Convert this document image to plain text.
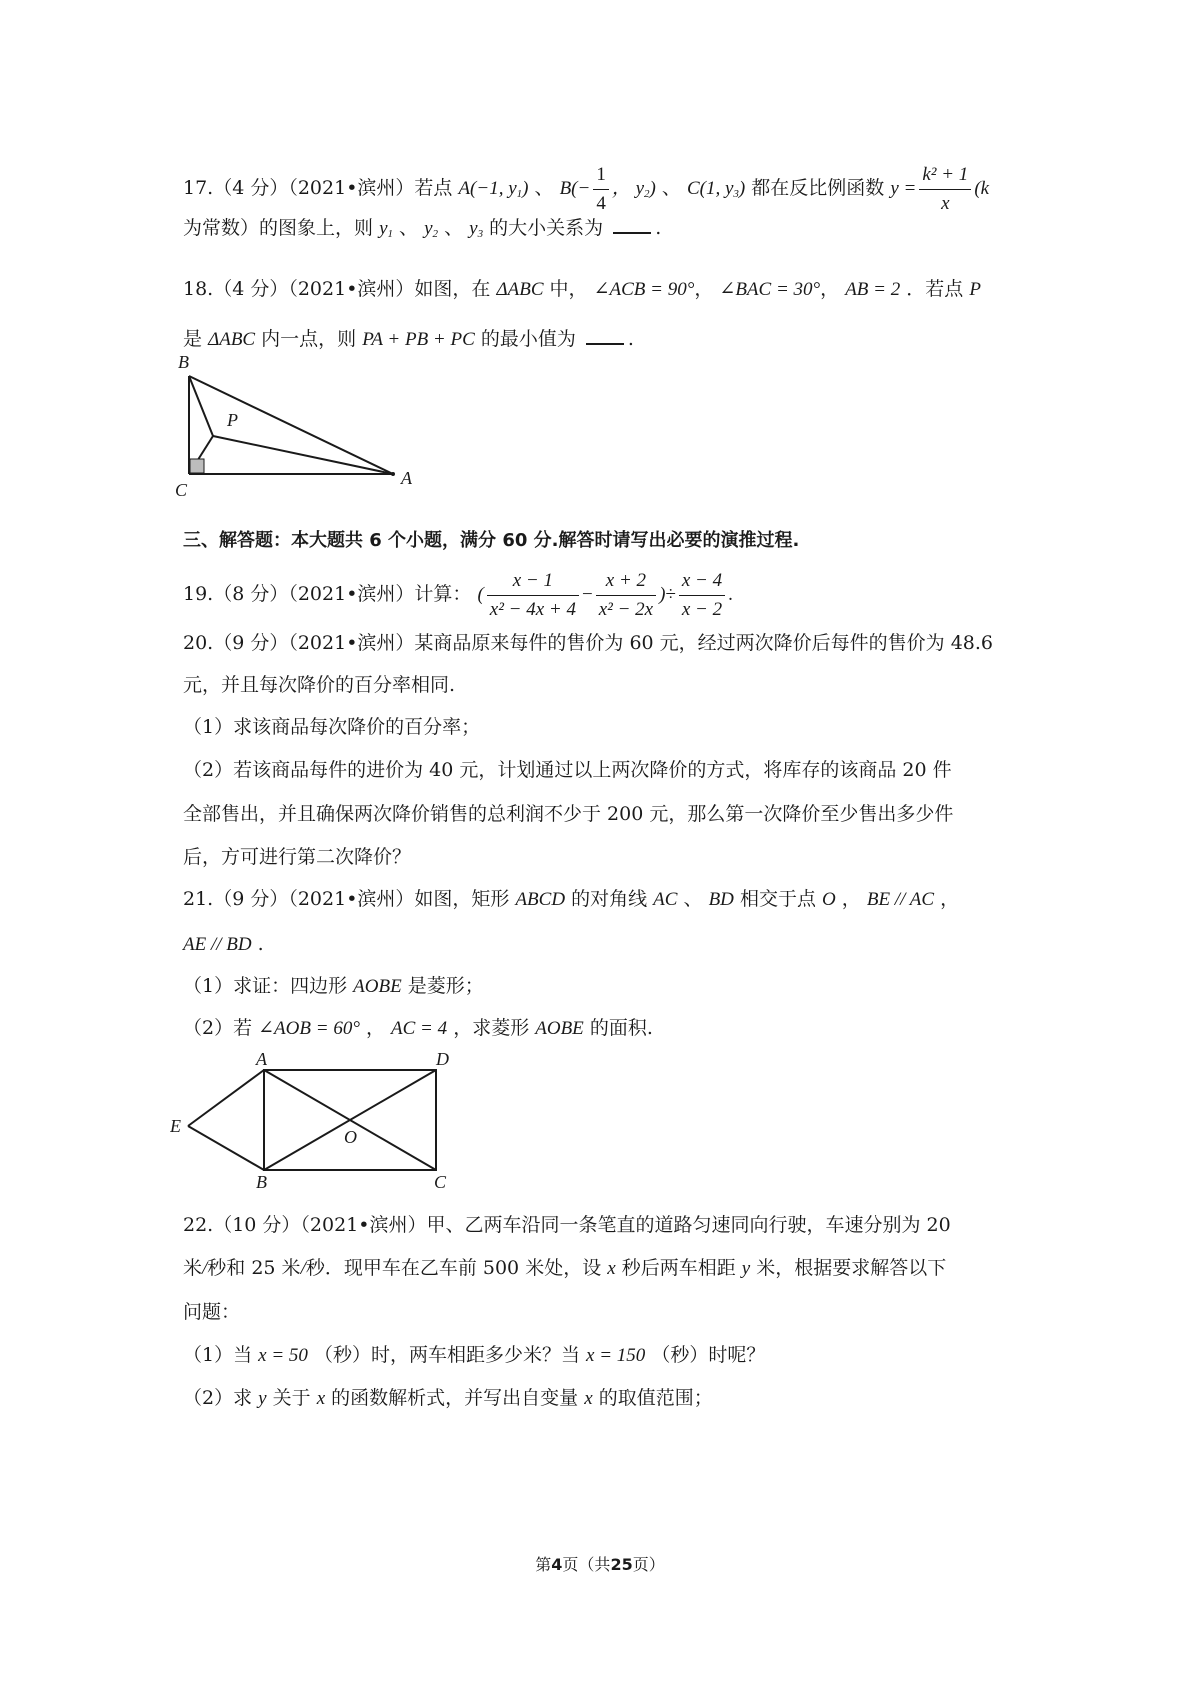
17.（4 分）（2021•滨州）若点 A(−1, $y_1$) 、 $B(- \frac{1}{4}$ ， $y_2$) 、 C(1, $y_3$) 都在反比例函数 $y = \frac{\text{k² + 1}}{x} (k$
为常数）的图象上，则 $y_1$ 、 $y_2$ 、 $y_3$ 的大小关系为	.
18.（4 分）（2021•滨州）如图，在 ΔABC 中， ∠ACB = 90°， ∠BAC = 30°， AB = 2 ．若点 P
是 ΔABC 内一点，则 PA + PB + PC 的最小值为	.
B
P
C
A
三、解答题：本大题共 6 个小题，满分 60 分.解答时请写出必要的演推过程.
19.（8 分）（2021•滨州）计算： ( $\frac{x - 1}{\text{x² − 4x + 4}} - \frac{x + 2}{\text{x² − 2x}}$ )÷ $\frac{x - 4}{x - 2}$ .
20.（9 分）（2021•滨州）某商品原来每件的售价为 60 元，经过两次降价后每件的售价为 48.6
元，并且每次降价的百分率相同.
（1）求该商品每次降价的百分率；
（2）若该商品每件的进价为 40 元，计划通过以上两次降价的方式，将库存的该商品 20 件
全部售出，并且确保两次降价销售的总利润不少于 200 元，那么第一次降价至少售出多少件
后，方可进行第二次降价？
21.（9 分）（2021•滨州）如图，矩形 ABCD 的对角线 AC 、 BD 相交于点 O ， BE // AC ，
AE // BD .
（1）求证：四边形 AOBE 是菱形；
（2）若 ∠AOB = 60° ， AC = 4 ，求菱形 AOBE 的面积.
A	D
E
O
B	C
22.（10 分）（2021•滨州）甲、乙两车沿同一条笔直的道路匀速同向行驶，车速分别为 20
米/秒和 25 米/秒．现甲车在乙车前 500 米处，设 x 秒后两车相距 y 米，根据要求解答以下
问题：
（1）当 x = 50 （秒）时，两车相距多少米？当 x = 150 （秒）时呢？
（2）求 y 关于 x 的函数解析式，并写出自变量 x 的取值范围；
第4页（共25页）
